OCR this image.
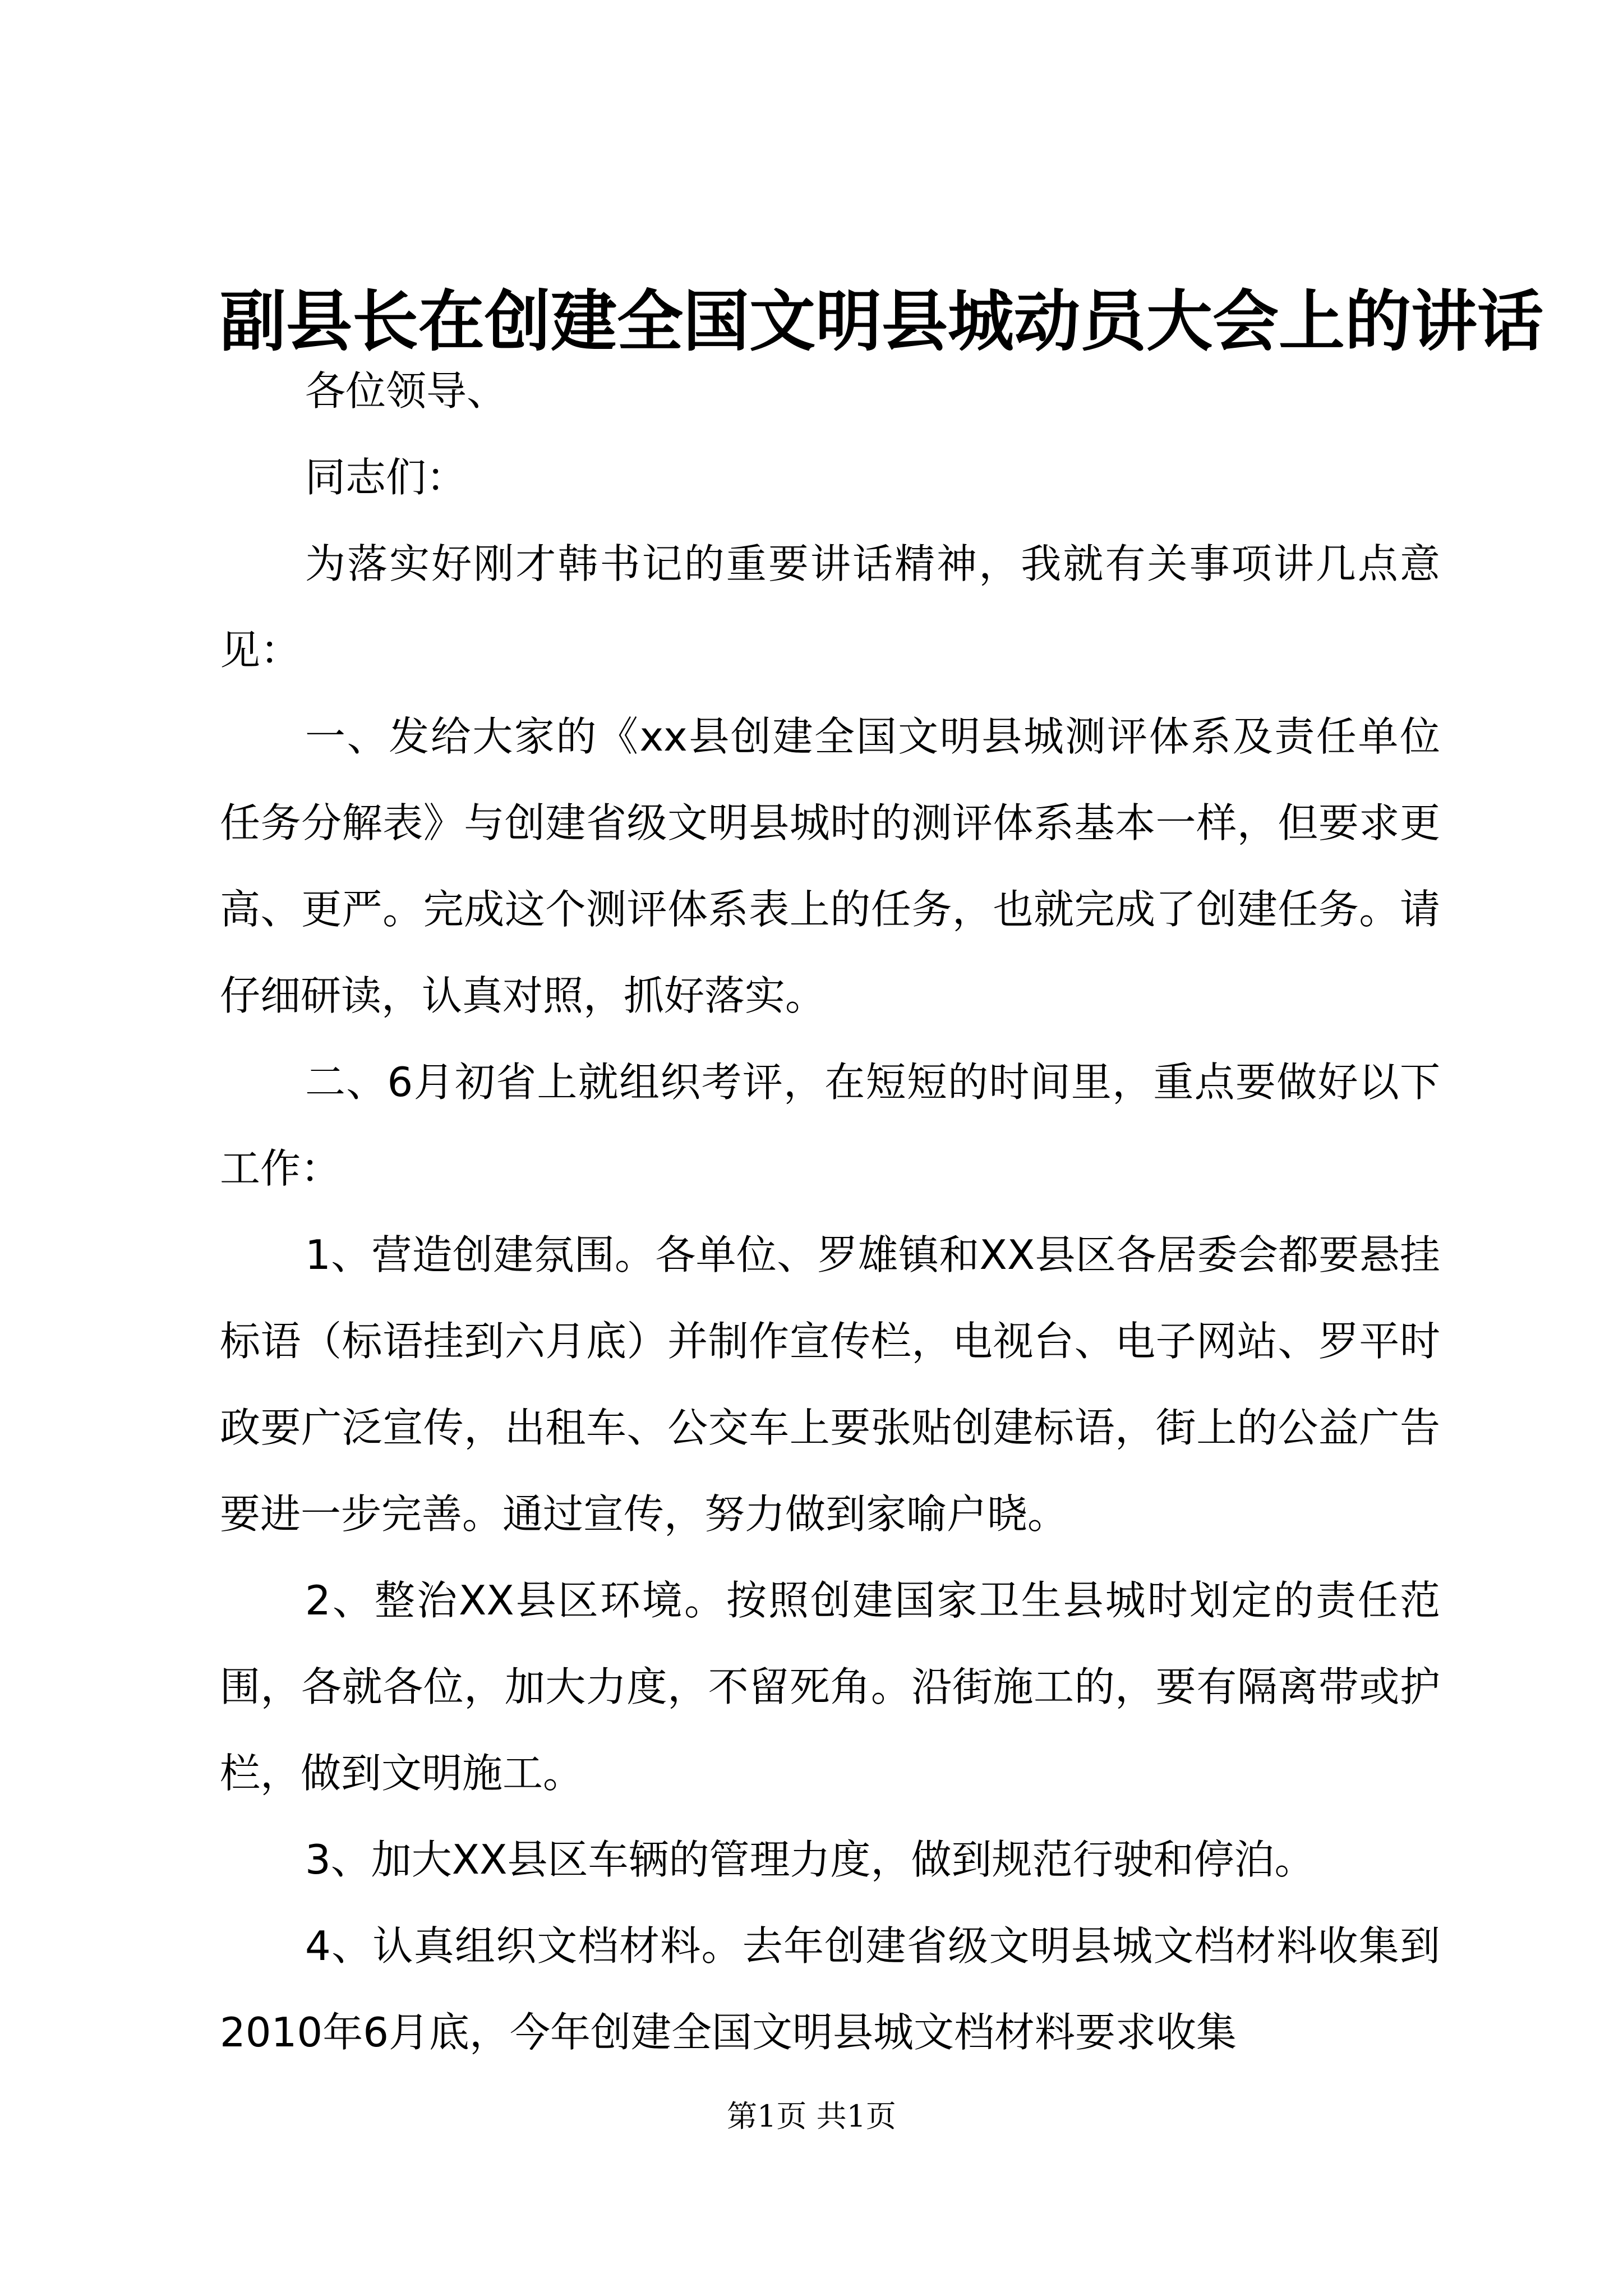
副县长在创建全国文明县城动员大会上的讲话

各位领导、

同志们：

为落实好刚才韩书记的重要讲话精神，我就有关事项讲几点意见：

一、发给大家的《xx县创建全国文明县城测评体系及责任单位任务分解表》与创建省级文明县城时的测评体系基本一样，但要求更高、更严。完成这个测评体系表上的任务，也就完成了创建任务。请仔细研读，认真对照，抓好落实。

二、6月初省上就组织考评，在短短的时间里，重点要做好以下工作：

1、营造创建氛围。各单位、罗雄镇和XX县区各居委会都要悬挂标语（标语挂到六月底）并制作宣传栏，电视台、电子网站、罗平时政要广泛宣传，出租车、公交车上要张贴创建标语，街上的公益广告要进一步完善。通过宣传，努力做到家喻户晓。

2、整治XX县区环境。按照创建国家卫生县城时划定的责任范围，各就各位，加大力度，不留死角。沿街施工的，要有隔离带或护栏，做到文明施工。

3、加大XX县区车辆的管理力度，做到规范行驶和停泊。

4、认真组织文档材料。去年创建省级文明县城文档材料收集到2010年6月底，今年创建全国文明县城文档材料要求收集

第1页 共1页
